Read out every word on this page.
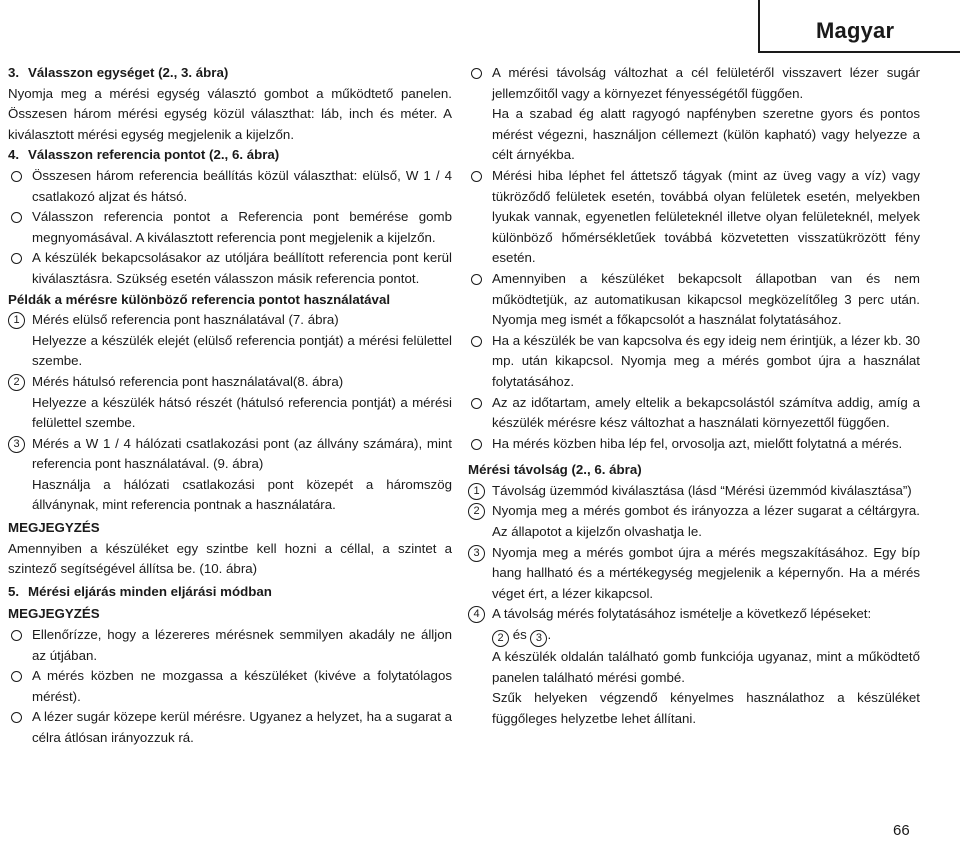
Magyar
3. Válasszon egységet (2., 3. ábra)

Nyomja meg a mérési egység választó gombot a működtető panelen. Összesen három mérési egység közül választhat: láb, inch és méter. A kiválasztott mérési egység megjelenik a kijelzőn.

4. Válasszon referencia pontot (2., 6. ábra)
Összesen három referencia beállítás közül választhat: elülső, W 1 / 4 csatlakozó aljzat és hátsó.
Válasszon referencia pontot a Referencia pont bemérése gomb megnyomásával. A kiválasztott referencia pont megjelenik a kijelzőn.
A készülék bekapcsolásakor az utóljára beállított referencia pont kerül kiválasztásra. Szükség esetén válasszon másik referencia pontot.

Példák a mérésre különböző referencia pontot használatával

1 Mérés elülső referencia pont használatával (7. ábra)

Helyezze a készülék elejét (elülső referencia pontját) a mérési felülettel szembe.

2 Mérés hátulsó referencia pont használatával(8. ábra)

Helyezze a készülék hátsó részét (hátulsó referencia pontját) a mérési felülettel szembe.

3 Mérés a W 1 / 4 hálózati csatlakozási pont (az állvány számára), mint referencia pont használatával. (9. ábra)

Használja a hálózati csatlakozási pont közepét a háromszög állványnak, mint referencia pontnak a használatára.

MEGJEGYZÉS

Amennyiben a készüléket egy szintbe kell hozni a céllal, a szintet a szintező segítségével állítsa be. (10. ábra)

5. Mérési eljárás minden eljárási módban

MEGJEGYZÉS

Ellenőrízze, hogy a lézereres mérésnek semmilyen akadály ne álljon az útjában.
A mérés közben ne mozgassa a készüléket (kivéve a folytatólagos mérést).
A lézer sugár közepe kerül mérésre. Ugyanez a helyzet, ha a sugarat a célra átlósan irányozzuk rá.
A mérési távolság változhat a cél felületéről visszavert lézer sugár jellemzőitől vagy a környezet fényességétől függően.
Ha a szabad ég alatt ragyogó napfényben szeretne gyors és pontos mérést végezni, használjon céllemezt (külön kapható) vagy helyezze a célt árnyékba.
Mérési hiba léphet fel áttetsző tágyak (mint az üveg vagy a víz) vagy tükröződő felületek esetén, továbbá olyan felületek esetén, melyekben lyukak vannak, egyenetlen felületeknél illetve olyan felületeknél, melyek különböző hőmérsékletűek továbbá közvetetten visszatükrözött fény esetén.
Amennyiben a készüléket bekapcsolt állapotban van és nem működtetjük, az automatikusan kikapcsol megközelítőleg 3 perc után. Nyomja meg ismét a főkapcsolót a használat folytatásához.
Ha a készülék be van kapcsolva és egy ideig nem érintjük, a lézer kb. 30 mp. után kikapcsol. Nyomja meg a mérés gombot újra a használat folytatásához.
Az az időtartam, amely eltelik a bekapcsolástól számítva addig, amíg a készülék mérésre kész változhat a használati környezettől függően.
Ha mérés közben hiba lép fel, orvosolja azt, mielőtt folytatná a mérés.

Mérési távolság (2., 6. ábra)

1 Távolság üzemmód kiválasztása (lásd “Mérési üzemmód kiválasztása”)
2 Nyomja meg a mérés gombot és irányozza a lézer sugarat a céltárgyra. Az állapotot a kijelzőn olvashatja le.
3 Nyomja meg a mérés gombot újra a mérés megszakításához. Egy bíp hang hallható és a mértékegység megjelenik a képernyőn. Ha a mérés véget ért, a lézer kikapcsol.
4 A távolság mérés folytatásához ismételje a következő lépéseket:
2 és 3 .
A készülék oldalán található gomb funkciója ugyanaz, mint a működtető panelen található mérési gombé.
Szűk helyeken végzendő kényelmes használathoz a készüléket függőleges helyzetbe lehet állítani.
66
